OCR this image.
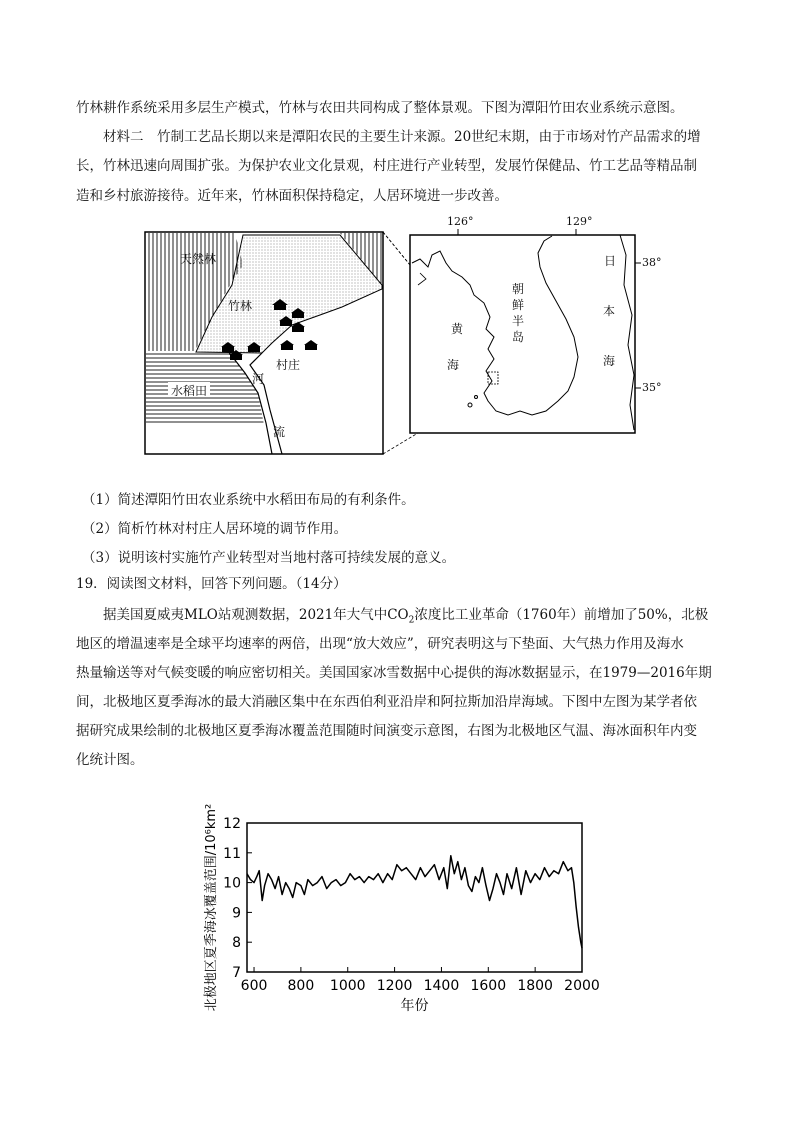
竹林耕作系统采用多层生产模式，竹林与农田共同构成了整体景观。下图为潭阳竹田农业系统示意图。
材料二　竹制工艺品长期以来是潭阳农民的主要生计来源。20世纪末期，由于市场对竹产品需求的增
长，竹林迅速向周围扩张。为保护农业文化景观，村庄进行产业转型，发展竹保健品、竹工艺品等精品制
造和乡村旅游接待。近年来，竹林面积保持稳定，人居环境进一步改善。
天然林
竹林
村庄
水稻田
河
流
126°	129°
38°
35°
朝
鲜
半
岛
黄
海
日
本
海
（1）简述潭阳竹田农业系统中水稻田布局的有利条件。
（2）简析竹林对村庄人居环境的调节作用。
（3）说明该村实施竹产业转型对当地村落可持续发展的意义。
19．阅读图文材料，回答下列问题。（14分）
据美国夏威夷MLO站观测数据，2021年大气中$CO_2$浓度比工业革命（1760年）前增加了50%，北极
地区的增温速率是全球平均速率的两倍，出现“放大效应”，研究表明这与下垫面、大气热力作用及海水
热量输送等对气候变暖的响应密切相关。美国国家冰雪数据中心提供的海冰数据显示，在1979—2016年期
间，北极地区夏季海冰的最大消融区集中在东西伯利亚沿岸和阿拉斯加沿岸海域。下图中左图为某学者依
据研究成果绘制的北极地区夏季海冰覆盖范围随时间演变示意图，右图为北极地区气温、海冰面积年内变
化统计图。
7
8
9
10
11
12
600 800 1000 1200 1400 1600 1800 2000
年份
北极地区夏季海冰覆盖范围/10⁶km²
